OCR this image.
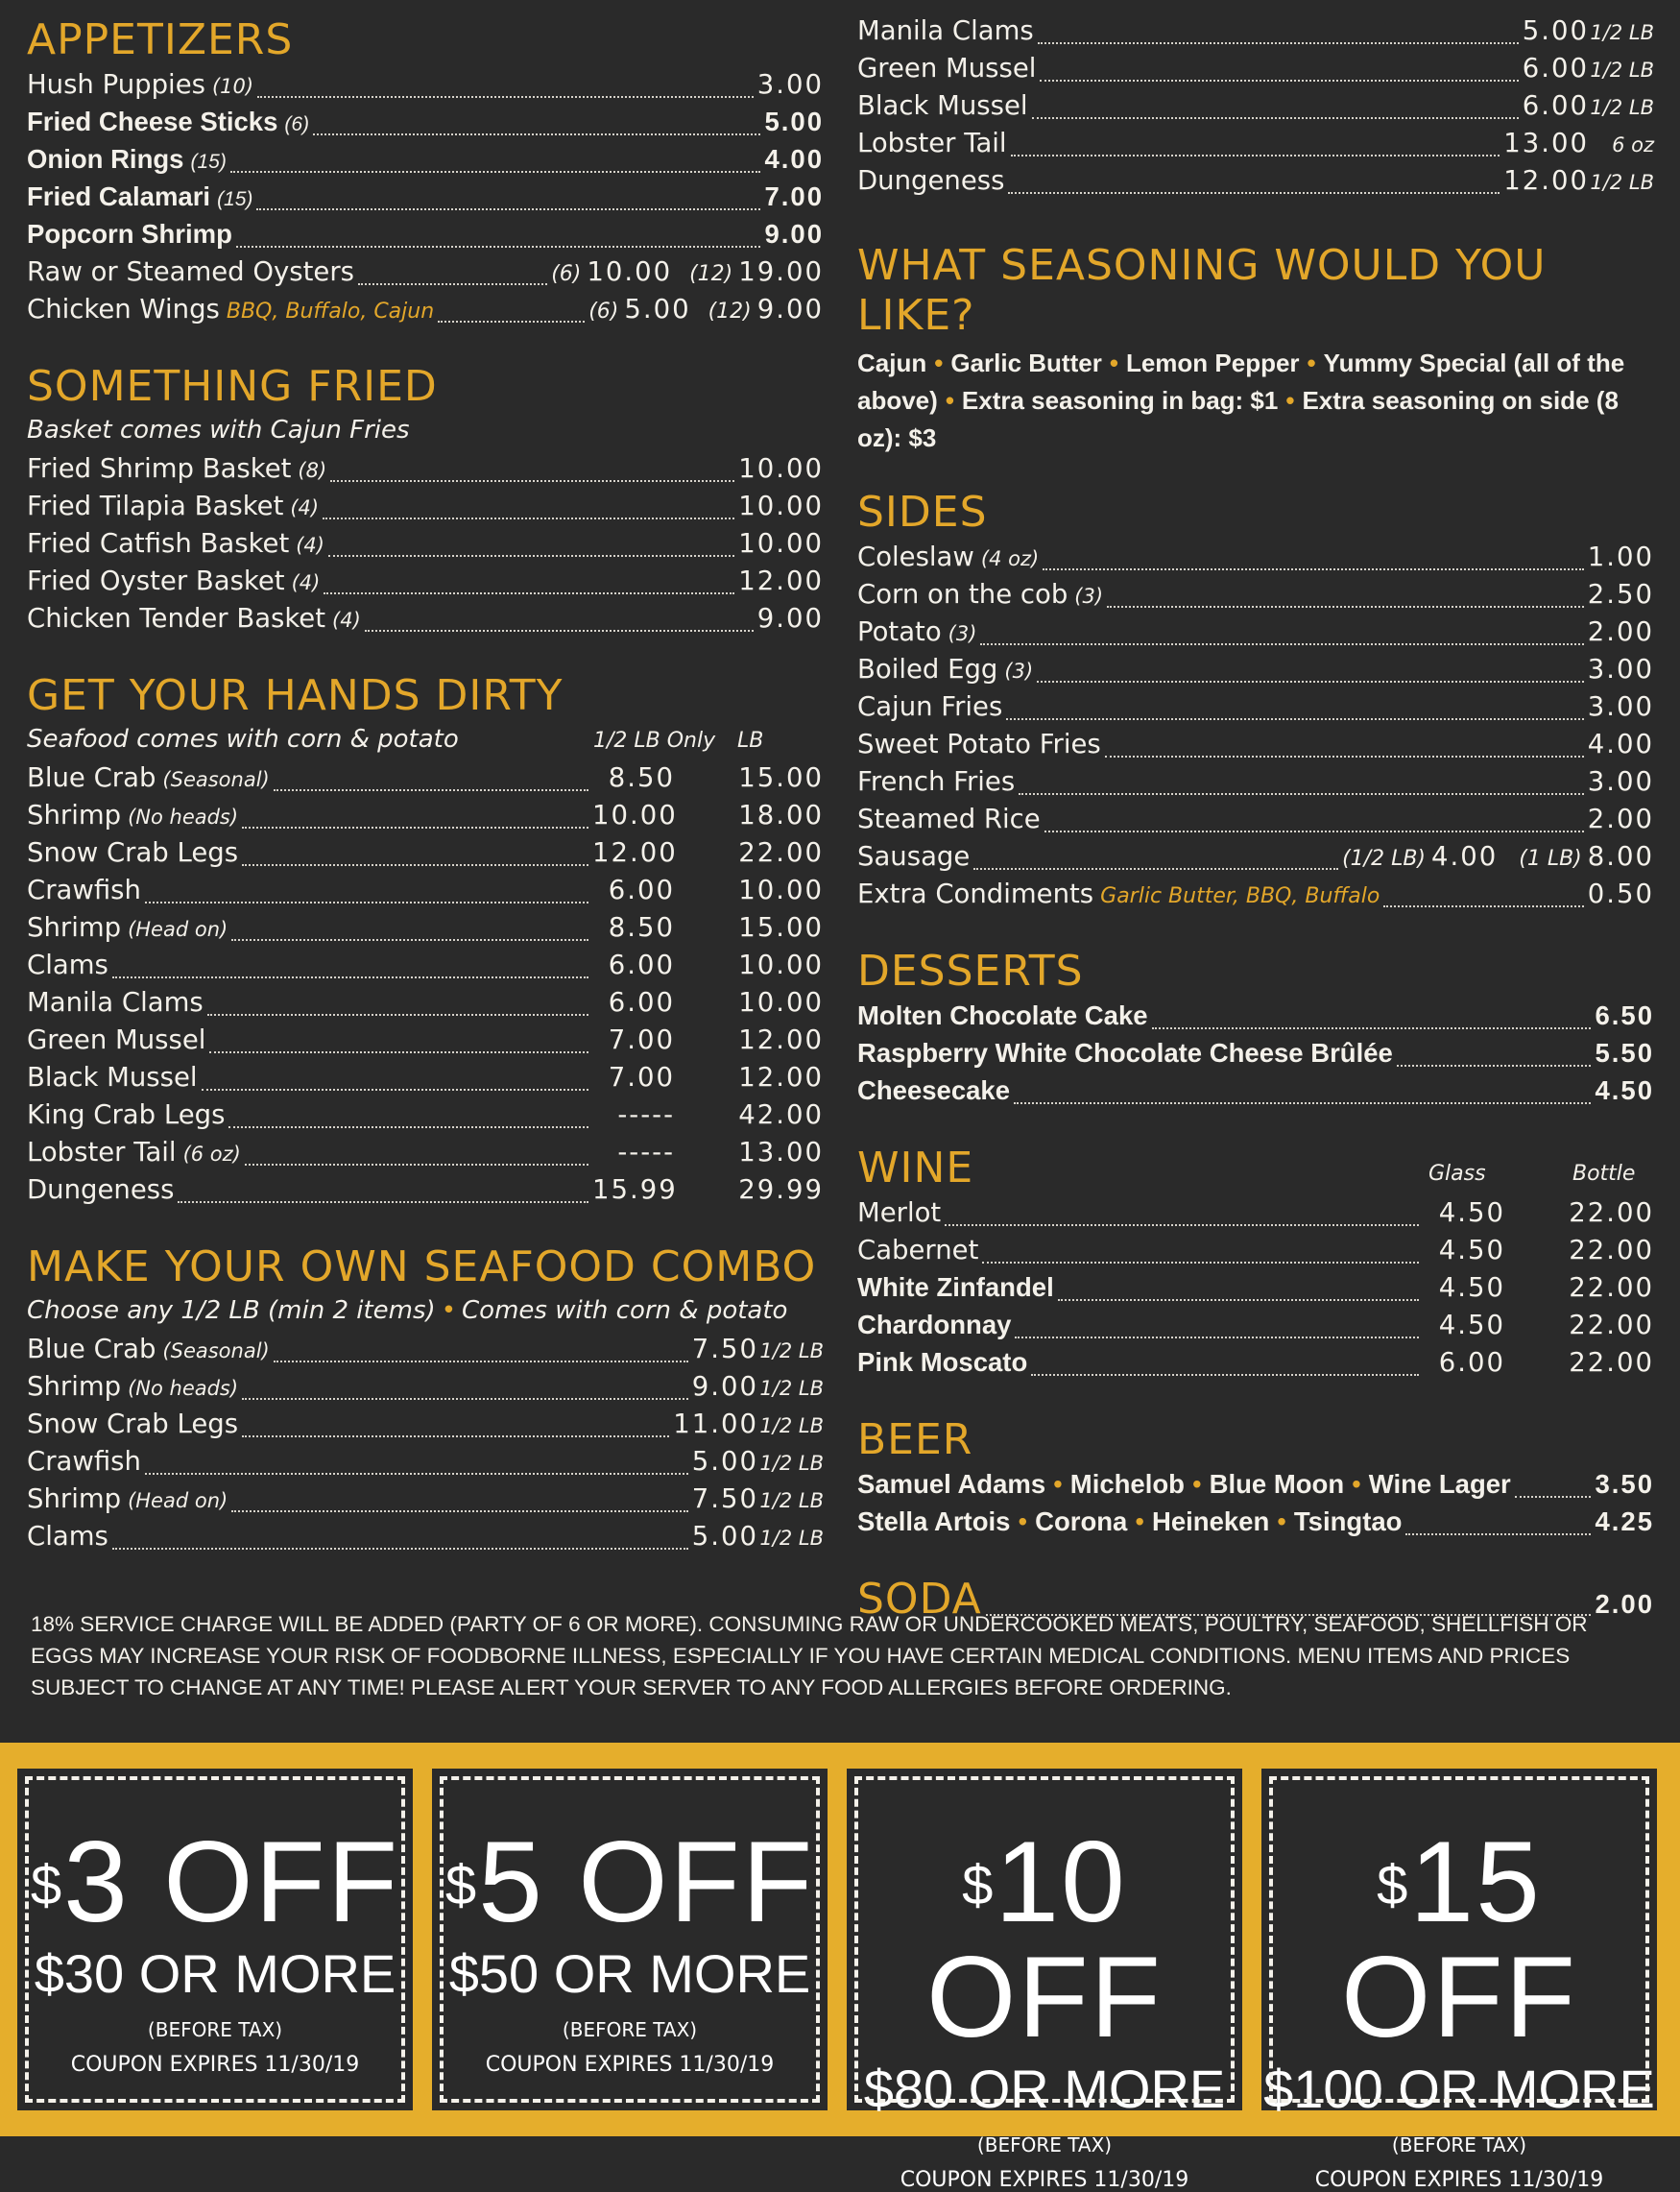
APPETIZERS
Hush Puppies (10)	3.00
Fried Cheese Sticks (6)	5.00
Onion Rings (15)	4.00
Fried Calamari (15)	7.00
Popcorn Shrimp	9.00
Raw or Steamed Oysters	(6) 10.00 (12) 19.00
Chicken Wings BBQ, Buffalo, Cajun	(6) 5.00 (12) 9.00
SOMETHING FRIED
Basket comes with Cajun Fries
Fried Shrimp Basket (8)	10.00
Fried Tilapia Basket (4)	10.00
Fried Catfish Basket (4)	10.00
Fried Oyster Basket (4)	12.00
Chicken Tender Basket (4)	9.00
GET YOUR HANDS DIRTY
Seafood comes with corn & potato	1/2 LB Only	LB
Blue Crab (Seasonal)	8.50	15.00
Shrimp (No heads)	10.00	18.00
Snow Crab Legs	12.00	22.00
Crawfish	6.00	10.00
Shrimp (Head on)	8.50	15.00
Clams	6.00	10.00
Manila Clams	6.00	10.00
Green Mussel	7.00	12.00
Black Mussel	7.00	12.00
King Crab Legs	-----	42.00
Lobster Tail (6 oz)	-----	13.00
Dungeness	15.99	29.99
MAKE YOUR OWN SEAFOOD COMBO
Choose any 1/2 LB (min 2 items) • Comes with corn & potato
Blue Crab (Seasonal)	7.50 1/2 LB
Shrimp (No heads)	9.00 1/2 LB
Snow Crab Legs	11.00 1/2 LB
Crawfish	5.00 1/2 LB
Shrimp (Head on)	7.50 1/2 LB
Clams	5.00 1/2 LB
Manila Clams	5.00 1/2 LB
Green Mussel	6.00 1/2 LB
Black Mussel	6.00 1/2 LB
Lobster Tail	13.00	6 oz
Dungeness	12.00 1/2 LB
WHAT SEASONING WOULD YOU LIKE?
Cajun • Garlic Butter • Lemon Pepper • Yummy Special (all of the above) • Extra seasoning in bag: $1 • Extra seasoning on side (8 oz): $3
SIDES
Coleslaw (4 oz)	1.00
Corn on the cob (3)	2.50
Potato (3)	2.00
Boiled Egg (3)	3.00
Cajun Fries	3.00
Sweet Potato Fries	4.00
French Fries	3.00
Steamed Rice	2.00
Sausage	(1/2 LB) 4.00 (1 LB) 8.00
Extra Condiments Garlic Butter, BBQ, Buffalo	0.50
DESSERTS
Molten Chocolate Cake	6.50
Raspberry White Chocolate Cheese Brûlée	5.50
Cheesecake	4.50
WINE	Glass	Bottle
Merlot	4.50	22.00
Cabernet	4.50	22.00
White Zinfandel	4.50	22.00
Chardonnay	4.50	22.00
Pink Moscato	6.00	22.00
BEER
Samuel Adams • Michelob • Blue Moon • Wine Lager	3.50
Stella Artois • Corona • Heineken • Tsingtao	4.25
SODA	2.00
18% SERVICE CHARGE WILL BE ADDED (PARTY OF 6 OR MORE). CONSUMING RAW OR UNDERCOOKED MEATS, POULTRY, SEAFOOD, SHELLFISH OR EGGS MAY INCREASE YOUR RISK OF FOODBORNE ILLNESS, ESPECIALLY IF YOU HAVE CERTAIN MEDICAL CONDITIONS. MENU ITEMS AND PRICES SUBJECT TO CHANGE AT ANY TIME! PLEASE ALERT YOUR SERVER TO ANY FOOD ALLERGIES BEFORE ORDERING.
$3 OFF
$30 OR MORE
(BEFORE TAX)
COUPON EXPIRES 11/30/19
$5 OFF
$50 OR MORE
(BEFORE TAX)
COUPON EXPIRES 11/30/19
$10 OFF
$80 OR MORE
(BEFORE TAX)
COUPON EXPIRES 11/30/19
$15 OFF
$100 OR MORE
(BEFORE TAX)
COUPON EXPIRES 11/30/19
